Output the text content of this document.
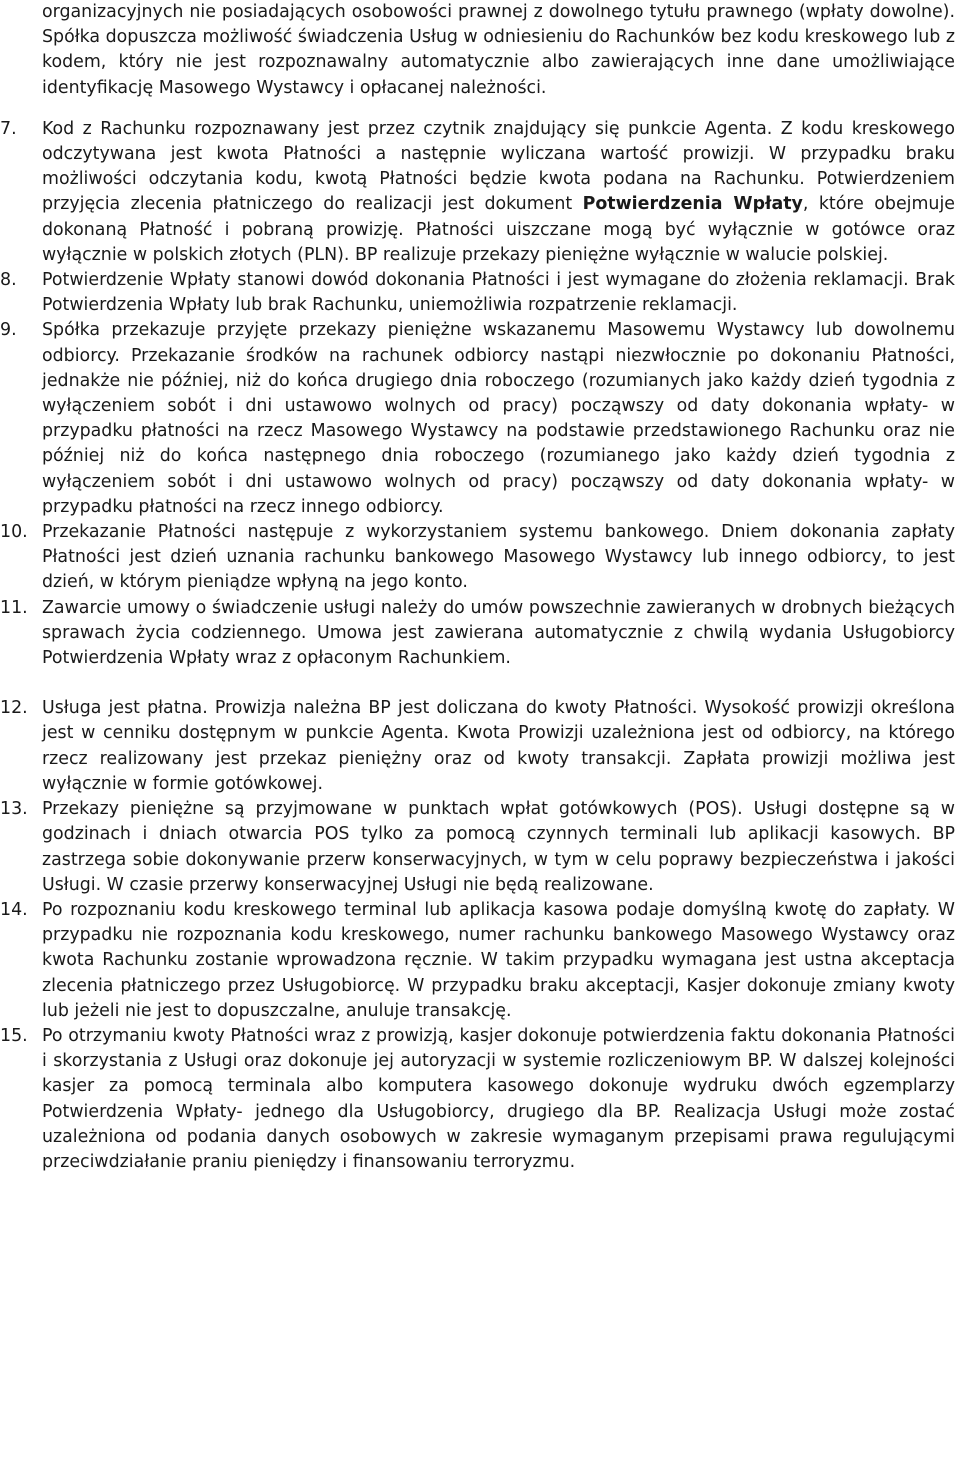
organizacyjnych nie posiadających osobowości prawnej z dowolnego tytułu prawnego (wpłaty dowolne). Spółka dopuszcza możliwość świadczenia Usług w odniesieniu do Rachunków bez kodu kreskowego lub z kodem, który nie jest rozpoznawalny automatycznie albo zawierających inne dane umożliwiające identyfikację Masowego Wystawcy i opłacanej należności.

7.	Kod z Rachunku rozpoznawany jest przez czytnik znajdujący się punkcie Agenta. Z kodu kreskowego odczytywana jest kwota Płatności a następnie wyliczana wartość prowizji. W przypadku braku możliwości odczytania kodu, kwotą Płatności będzie kwota podana na Rachunku. Potwierdzeniem przyjęcia zlecenia płatniczego do realizacji jest dokument Potwierdzenia Wpłaty, które obejmuje dokonaną Płatność i pobraną prowizję. Płatności uiszczane mogą być wyłącznie w gotówce oraz wyłącznie w polskich złotych (PLN). BP realizuje przekazy pieniężne wyłącznie w walucie polskiej.
8.	Potwierdzenie Wpłaty stanowi dowód dokonania Płatności i jest wymagane do złożenia reklamacji. Brak Potwierdzenia Wpłaty lub brak Rachunku, uniemożliwia rozpatrzenie reklamacji.
9.	Spółka przekazuje przyjęte przekazy pieniężne wskazanemu Masowemu Wystawcy lub dowolnemu odbiorcy. Przekazanie środków na rachunek odbiorcy nastąpi niezwłocznie po dokonaniu Płatności, jednakże nie później, niż do końca drugiego dnia roboczego (rozumianych jako każdy dzień tygodnia z wyłączeniem sobót i dni ustawowo wolnych od pracy) począwszy od daty dokonania wpłaty- w przypadku płatności na rzecz Masowego Wystawcy na podstawie przedstawionego Rachunku oraz nie później niż do końca następnego dnia roboczego (rozumianego jako każdy dzień tygodnia z wyłączeniem sobót i dni ustawowo wolnych od pracy) począwszy od daty dokonania wpłaty- w przypadku płatności na rzecz innego odbiorcy.
10. Przekazanie Płatności następuje z wykorzystaniem systemu bankowego. Dniem dokonania zapłaty Płatności jest dzień uznania rachunku bankowego Masowego Wystawcy lub innego odbiorcy, to jest dzień, w którym pieniądze wpłyną na jego konto.
11. Zawarcie umowy o świadczenie usługi należy do umów powszechnie zawieranych w drobnych bieżących sprawach życia codziennego. Umowa jest zawierana automatycznie z chwilą wydania Usługobiorcy Potwierdzenia Wpłaty wraz z opłaconym Rachunkiem.
12. Usługa jest płatna. Prowizja należna BP jest doliczana do kwoty Płatności. Wysokość prowizji określona jest w cenniku dostępnym w punkcie Agenta. Kwota Prowizji uzależniona jest od odbiorcy, na którego rzecz realizowany jest przekaz pieniężny oraz od kwoty transakcji. Zapłata prowizji możliwa jest wyłącznie w formie gotówkowej.
13. Przekazy pieniężne są przyjmowane w punktach wpłat gotówkowych (POS). Usługi dostępne są w godzinach i dniach otwarcia POS tylko za pomocą czynnych terminali lub aplikacji kasowych. BP zastrzega sobie dokonywanie przerw konserwacyjnych, w tym w celu poprawy bezpieczeństwa i jakości Usługi. W czasie przerwy konserwacyjnej Usługi nie będą realizowane.
14. Po rozpoznaniu kodu kreskowego terminal lub aplikacja kasowa podaje domyślną kwotę do zapłaty. W przypadku nie rozpoznania kodu kreskowego, numer rachunku bankowego Masowego Wystawcy oraz kwota Rachunku zostanie wprowadzona ręcznie. W takim przypadku wymagana jest ustna akceptacja zlecenia płatniczego przez Usługobiorcę. W przypadku braku akceptacji, Kasjer dokonuje zmiany kwoty lub jeżeli nie jest to dopuszczalne, anuluje transakcję.
15. Po otrzymaniu kwoty Płatności wraz z prowizją, kasjer dokonuje potwierdzenia faktu dokonania Płatności i skorzystania z Usługi oraz dokonuje jej autoryzacji w systemie rozliczeniowym BP. W dalszej kolejności kasjer za pomocą terminala albo komputera kasowego dokonuje wydruku dwóch egzemplarzy Potwierdzenia Wpłaty- jednego dla Usługobiorcy, drugiego dla BP. Realizacja Usługi może zostać uzależniona od podania danych osobowych w zakresie wymaganym przepisami prawa regulującymi przeciwdziałanie praniu pieniędzy i finansowaniu terroryzmu.
